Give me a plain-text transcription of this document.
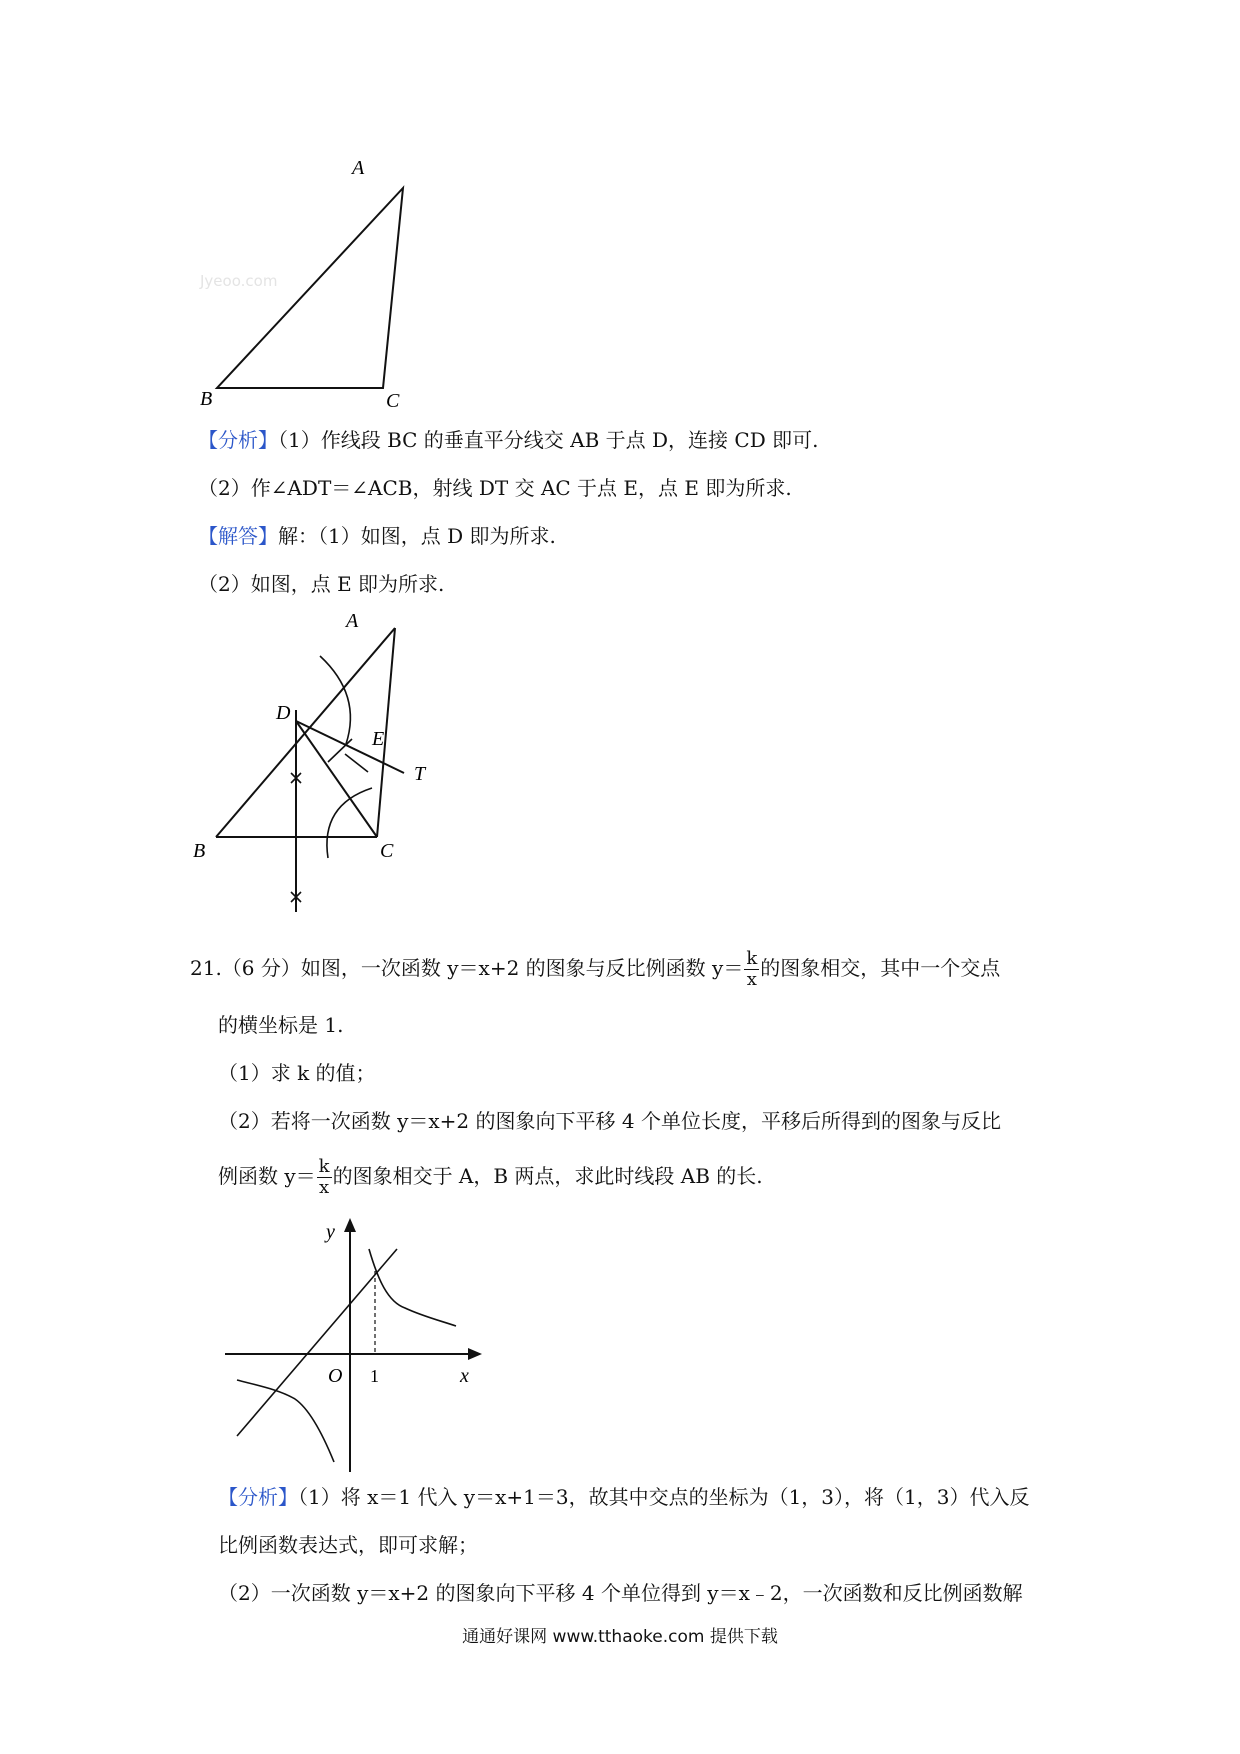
Jyeoo.com
A
B	C
【分析】（1）作线段 BC 的垂直平分线交 AB 于点 D，连接 CD 即可.
（2）作∠ADT＝∠ACB，射线 DT 交 AC 于点 E，点 E 即为所求.
【解答】解：（1）如图，点 D 即为所求.
（2）如图，点 E 即为所求.
A
D
E
T
B	C
21.（6 分）如图，一次函数 y＝x+2 的图象与反比例函数 $y= \frac{k}{x}$ 的图象相交，其中一个交点
的横坐标是 1.
（1）求 k 的值；
（2）若将一次函数 y＝x+2 的图象向下平移 4 个单位长度，平移后所得到的图象与反比
例函数 $y= \frac{k}{x}$ 的图象相交于 A，B 两点，求此时线段 AB 的长.
y
x
O 1
【分析】（1）将 x＝1 代入 y＝x+1＝3，故其中交点的坐标为（1，3），将（1，3）代入反
比例函数表达式，即可求解；
（2）一次函数 y＝x+2 的图象向下平移 4 个单位得到 y＝x﹣2，一次函数和反比例函数解
通通好课网 www.tthaoke.com 提供下载
